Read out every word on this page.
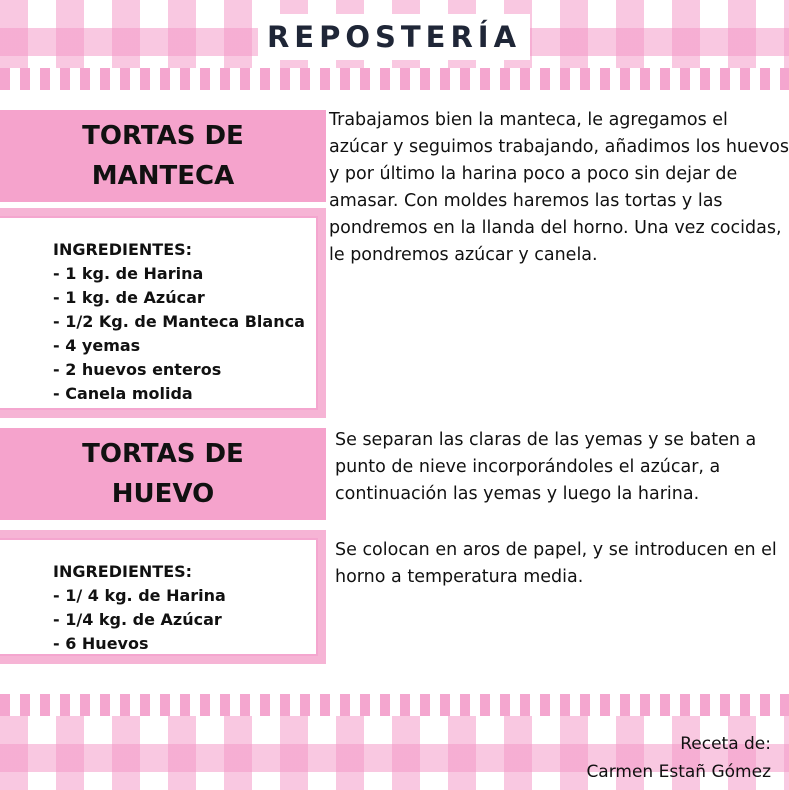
REPOSTERÍA
TORTAS DE
MANTECA
INGREDIENTES:
- 1 kg. de Harina
- 1 kg. de Azúcar
- 1/2 Kg. de Manteca Blanca
- 4 yemas
- 2 huevos enteros
- Canela molida
Trabajamos bien la manteca, le agregamos el azúcar y seguimos trabajando, añadimos los huevos y por último la harina poco a poco sin dejar de amasar. Con moldes haremos las tortas y las pondremos en la llanda del horno. Una vez cocidas, le pondremos azúcar y canela.
TORTAS DE
HUEVO
INGREDIENTES:
- 1/ 4 kg. de Harina
- 1/4 kg. de Azúcar
- 6 Huevos
Se separan las claras de las yemas y se baten a punto de nieve incorporándoles el azúcar, a continuación las yemas y luego la harina.
Se colocan en aros de papel, y se introducen en el horno a temperatura media.
Receta de:
Carmen Estañ Gómez
